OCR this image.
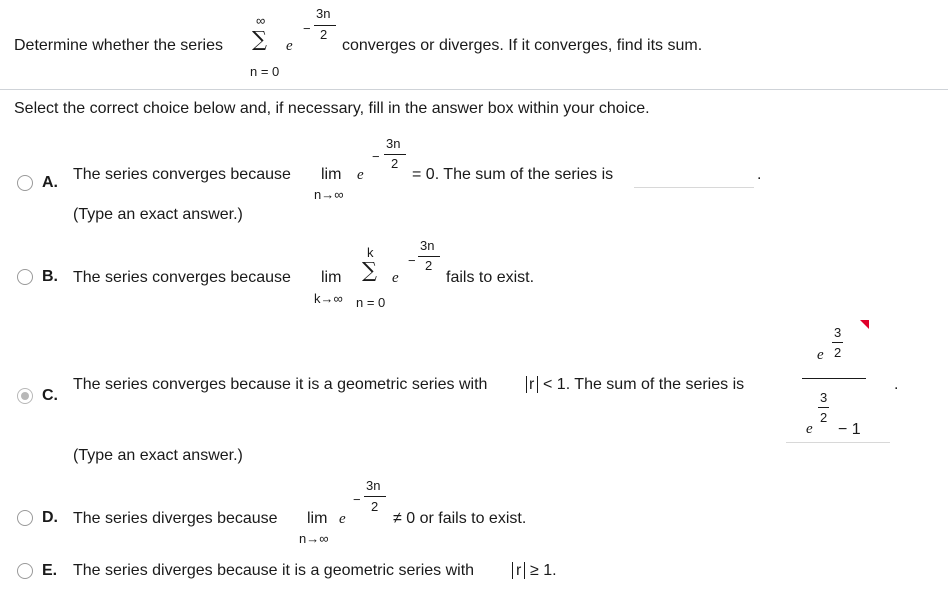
Determine whether the series
∞
∑
n = 0
e
−
3n
2
converges or diverges. If it converges, find its sum.
Select the correct choice below and, if necessary, fill in the answer box within your choice.
A. The series converges because lim
n→∞
e
−
3n
2
= 0. The sum of the series is	.
(Type an exact answer.)
B. The series converges because lim
k→∞
k
∑
n = 0
e
−
3n
2
fails to exist.
C.
The series converges because it is a geometric series with	r < 1. The sum of the series is
e
3
2
3
2
e − 1
.
(Type an exact answer.)
D. The series diverges because lim
n→∞
e
−
3n
2
≠ 0 or fails to exist.
E. The series diverges because it is a geometric series with	r ≥ 1.
